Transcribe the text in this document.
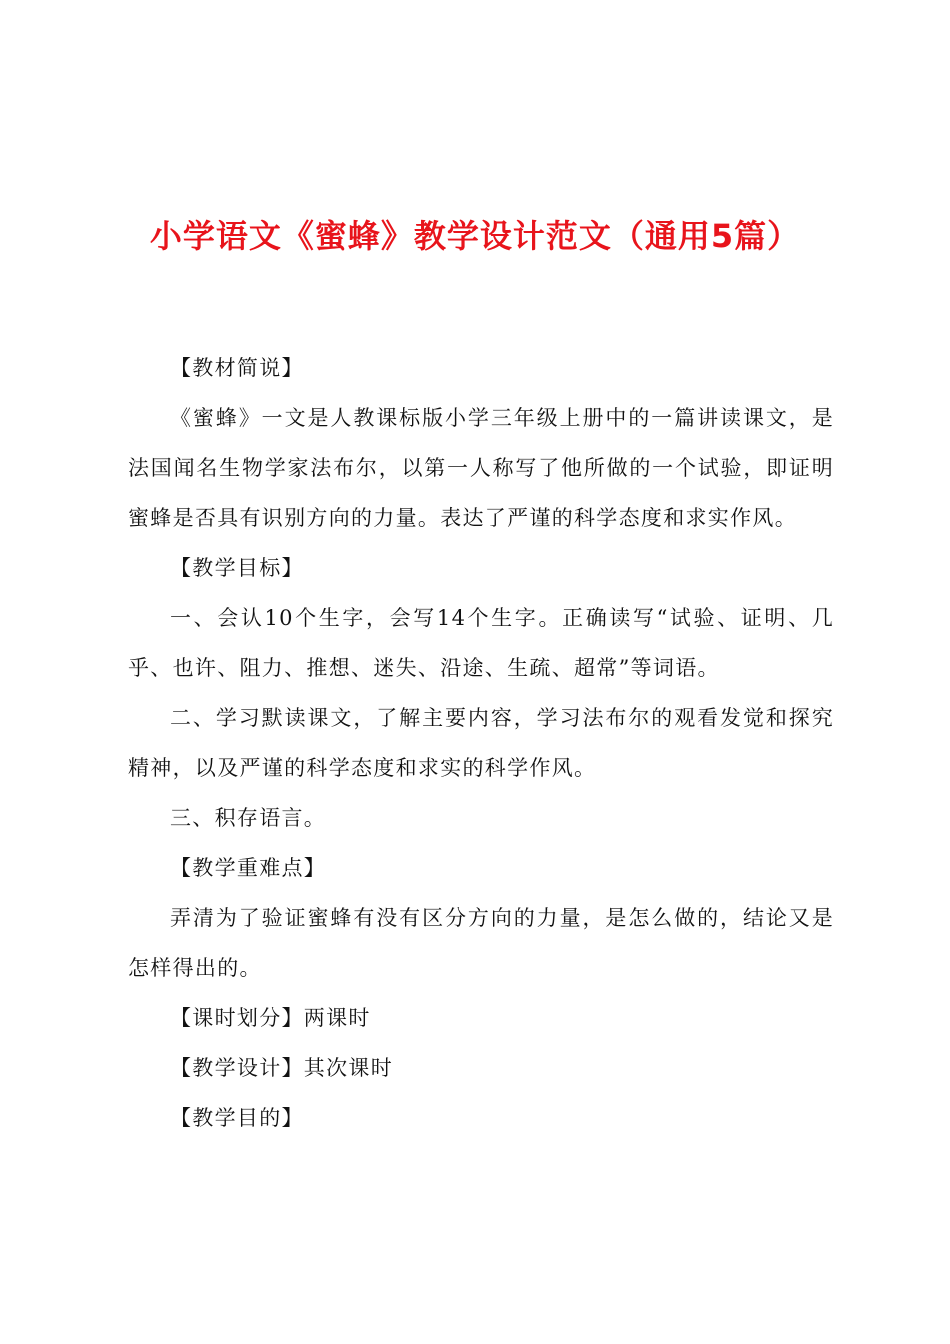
小学语文《蜜蜂》教学设计范文（通用5篇）

【教材简说】

《蜜蜂》一文是人教课标版小学三年级上册中的一篇讲读课文，是法国闻名生物学家法布尔，以第一人称写了他所做的一个试验，即证明蜜蜂是否具有识别方向的力量。表达了严谨的科学态度和求实作风。

【教学目标】

一、会认10个生字，会写14个生字。正确读写“试验、证明、几乎、也许、阻力、推想、迷失、沿途、生疏、超常”等词语。

二、学习默读课文，了解主要内容，学习法布尔的观看发觉和探究精神，以及严谨的科学态度和求实的科学作风。

三、积存语言。

【教学重难点】

弄清为了验证蜜蜂有没有区分方向的力量，是怎么做的，结论又是怎样得出的。

【课时划分】两课时

【教学设计】其次课时

【教学目的】
